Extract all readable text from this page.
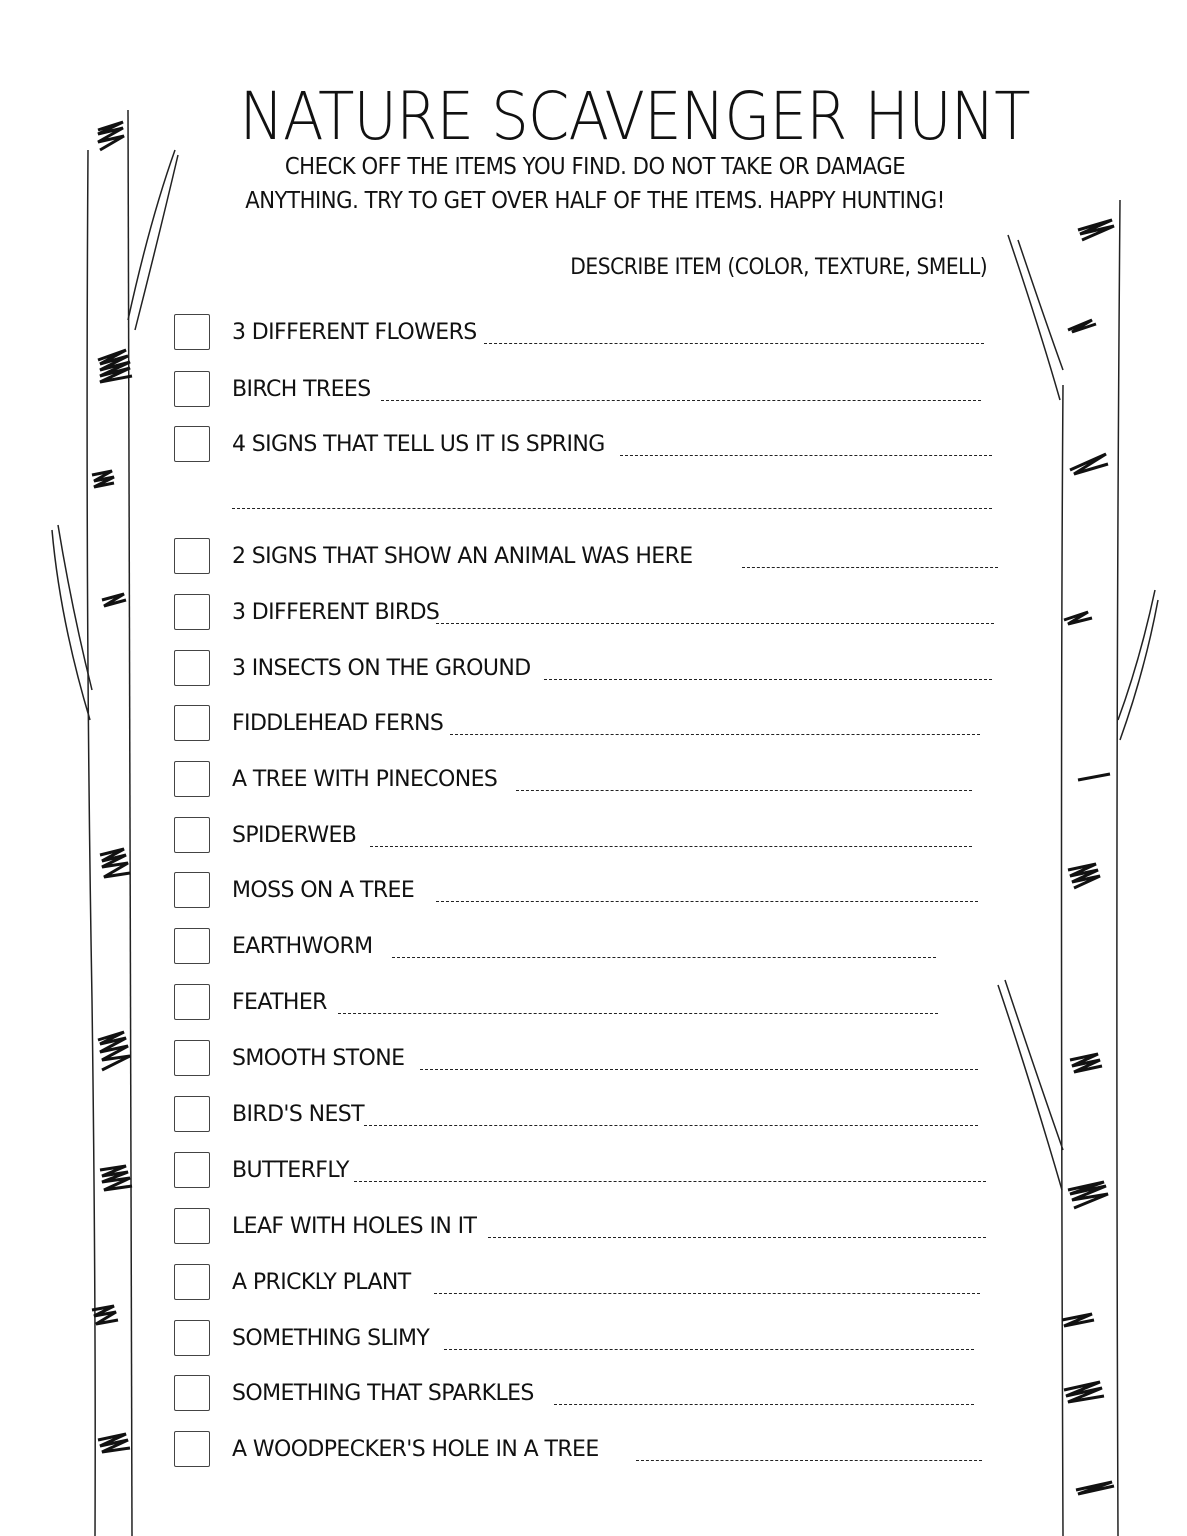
NATURE SCAVENGER HUNT
CHECK OFF THE ITEMS YOU FIND. DO NOT TAKE OR DAMAGE
ANYTHING. TRY TO GET OVER HALF OF THE ITEMS. HAPPY HUNTING!
DESCRIBE ITEM (COLOR, TEXTURE, SMELL)
3 DIFFERENT FLOWERS
BIRCH TREES
4 SIGNS THAT TELL US IT IS SPRING
2 SIGNS THAT SHOW AN ANIMAL WAS HERE
3 DIFFERENT BIRDS
3 INSECTS ON THE GROUND
FIDDLEHEAD FERNS
A TREE WITH PINECONES
SPIDERWEB
MOSS ON A TREE
EARTHWORM
FEATHER
SMOOTH STONE
BIRD'S NEST
BUTTERFLY
LEAF WITH HOLES IN IT
A PRICKLY PLANT
SOMETHING SLIMY
SOMETHING THAT SPARKLES
A WOODPECKER'S HOLE IN A TREE
